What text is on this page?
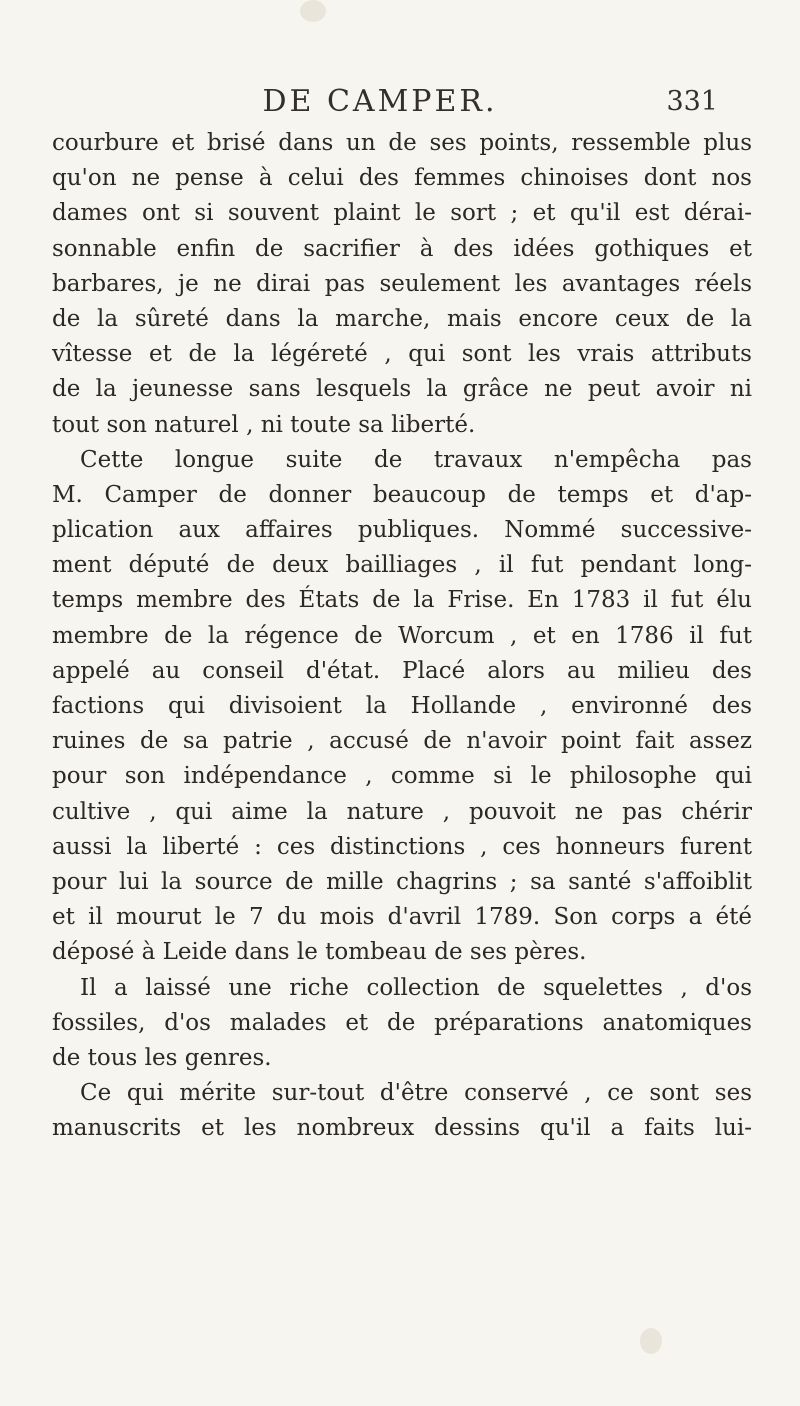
DE CAMPER.	331
courbure et brisé dans un de ses points, ressemble plus
qu'on ne pense à celui des femmes chinoises dont nos
dames ont si souvent plaint le sort ; et qu'il est dérai-
sonnable enfin de sacrifier à des idées gothiques et
barbares, je ne dirai pas seulement les avantages réels
de la sûreté dans la marche, mais encore ceux de la
vîtesse et de la légéreté , qui sont les vrais attributs
de la jeunesse sans lesquels la grâce ne peut avoir ni
tout son naturel , ni toute sa liberté.
Cette longue suite de travaux n'empêcha pas
M. Camper de donner beaucoup de temps et d'ap-
plication aux affaires publiques. Nommé successive-
ment député de deux bailliages , il fut pendant long-
temps membre des États de la Frise. En 1783 il fut élu
membre de la régence de Worcum , et en 1786 il fut
appelé au conseil d'état. Placé alors au milieu des
factions qui divisoient la Hollande , environné des
ruines de sa patrie , accusé de n'avoir point fait assez
pour son indépendance , comme si le philosophe qui
cultive , qui aime la nature , pouvoit ne pas chérir
aussi la liberté : ces distinctions , ces honneurs furent
pour lui la source de mille chagrins ; sa santé s'affoiblit
et il mourut le 7 du mois d'avril 1789. Son corps a été
déposé à Leide dans le tombeau de ses pères.
Il a laissé une riche collection de squelettes , d'os
fossiles, d'os malades et de préparations anatomiques
de tous les genres.
Ce qui mérite sur-tout d'être conservé , ce sont ses
manuscrits et les nombreux dessins qu'il a faits lui-
